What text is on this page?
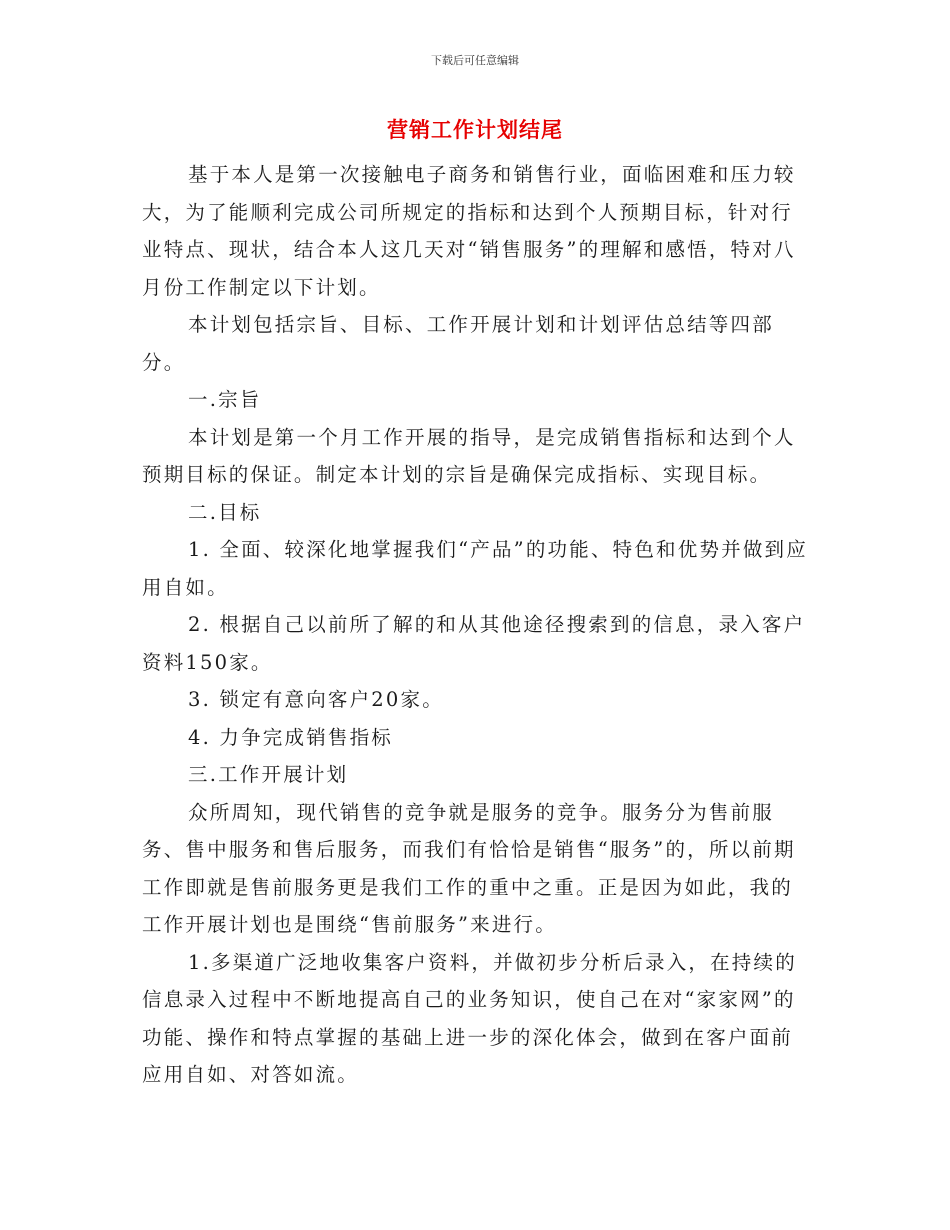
下载后可任意编辑
营销工作计划结尾

基于本人是第一次接触电子商务和销售行业，面临困难和压力较大，为了能顺利完成公司所规定的指标和达到个人预期目标，针对行业特点、现状，结合本人这几天对“销售服务”的理解和感悟，特对八月份工作制定以下计划。

本计划包括宗旨、目标、工作开展计划和计划评估总结等四部分。

一.宗旨

本计划是第一个月工作开展的指导，是完成销售指标和达到个人预期目标的保证。制定本计划的宗旨是确保完成指标、实现目标。

二.目标

1. 全面、较深化地掌握我们“产品”的功能、特色和优势并做到应用自如。

2. 根据自己以前所了解的和从其他途径搜索到的信息，录入客户资料150家。

3. 锁定有意向客户20家。

4. 力争完成销售指标

三.工作开展计划

众所周知，现代销售的竞争就是服务的竞争。服务分为售前服务、售中服务和售后服务，而我们有恰恰是销售“服务”的，所以前期工作即就是售前服务更是我们工作的重中之重。正是因为如此，我的工作开展计划也是围绕“售前服务”来进行。

1.多渠道广泛地收集客户资料，并做初步分析后录入，在持续的信息录入过程中不断地提高自己的业务知识，使自己在对“家家网”的功能、操作和特点掌握的基础上进一步的深化体会，做到在客户面前应用自如、对答如流。
